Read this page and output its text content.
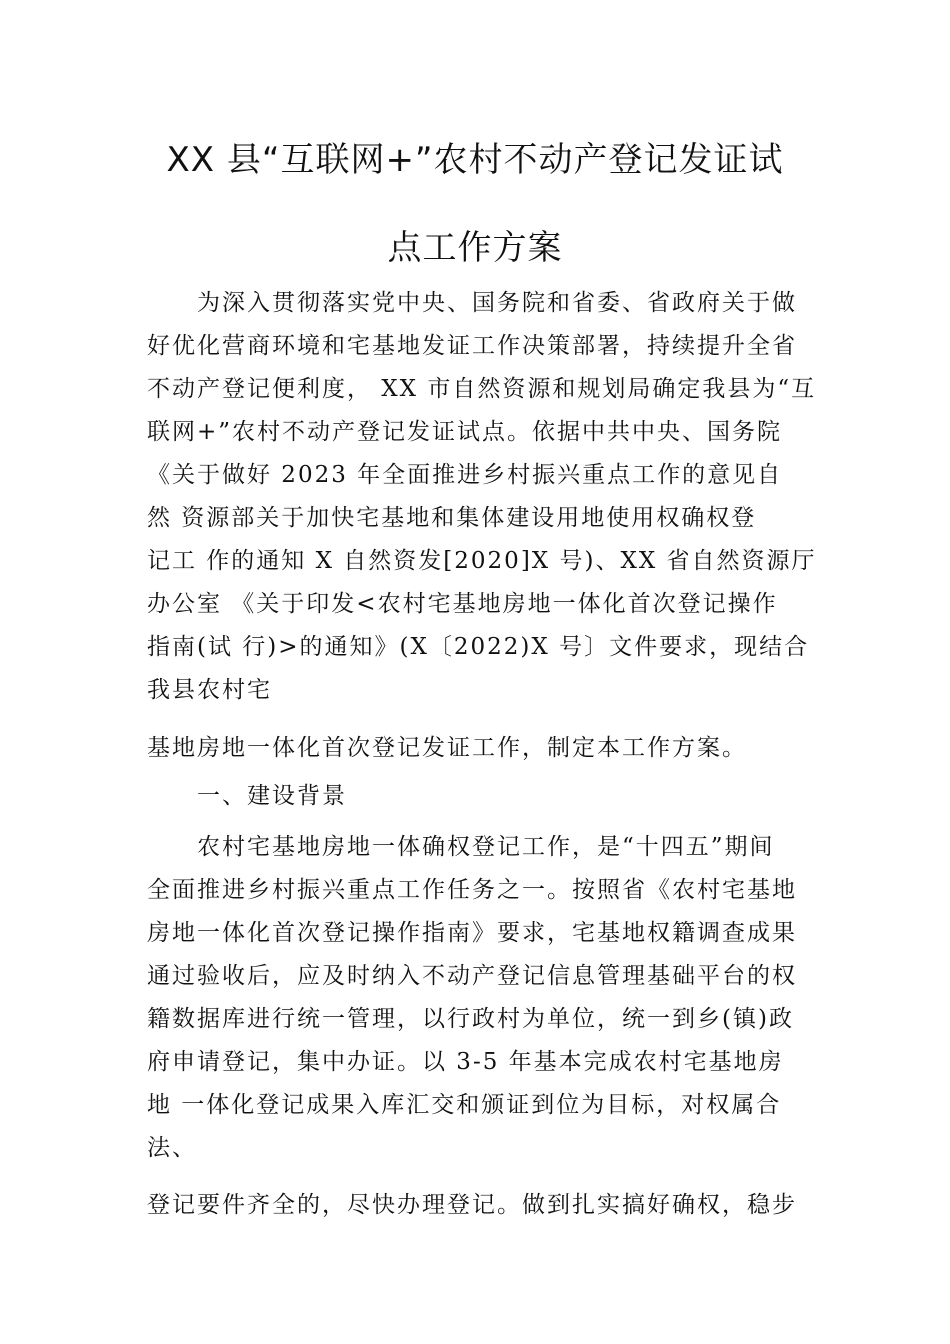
XX 县“互联网+”农村不动产登记发证试
点工作方案
　　为深入贯彻落实党中央、国务院和省委、省政府关于做
好优化营商环境和宅基地发证工作决策部署，持续提升全省
不动产登记便利度， XX 市自然资源和规划局确定我县为“互
联网+”农村不动产登记发证试点。依据中共中央、国务院
《关于做好 2023 年全面推进乡村振兴重点工作的意见自
然 资源部关于加快宅基地和集体建设用地使用权确权登
记工 作的通知 X 自然资发[2020]X 号)、XX 省自然资源厅
办公室 《关于印发<农村宅基地房地一体化首次登记操作
指南(试 行)>的通知》(X〔2022)X 号〕文件要求，现结合
我县农村宅
基地房地一体化首次登记发证工作，制定本工作方案。
　　一、建设背景
　　农村宅基地房地一体确权登记工作，是“十四五”期间
全面推进乡村振兴重点工作任务之一。按照省《农村宅基地
房地一体化首次登记操作指南》要求，宅基地权籍调查成果
通过验收后，应及时纳入不动产登记信息管理基础平台的权
籍数据库进行统一管理，以行政村为单位，统一到乡(镇)政
府申请登记，集中办证。以 3-5 年基本完成农村宅基地房
地 一体化登记成果入库汇交和颁证到位为目标，对权属合
法、
登记要件齐全的，尽快办理登记。做到扎实搞好确权，稳步
